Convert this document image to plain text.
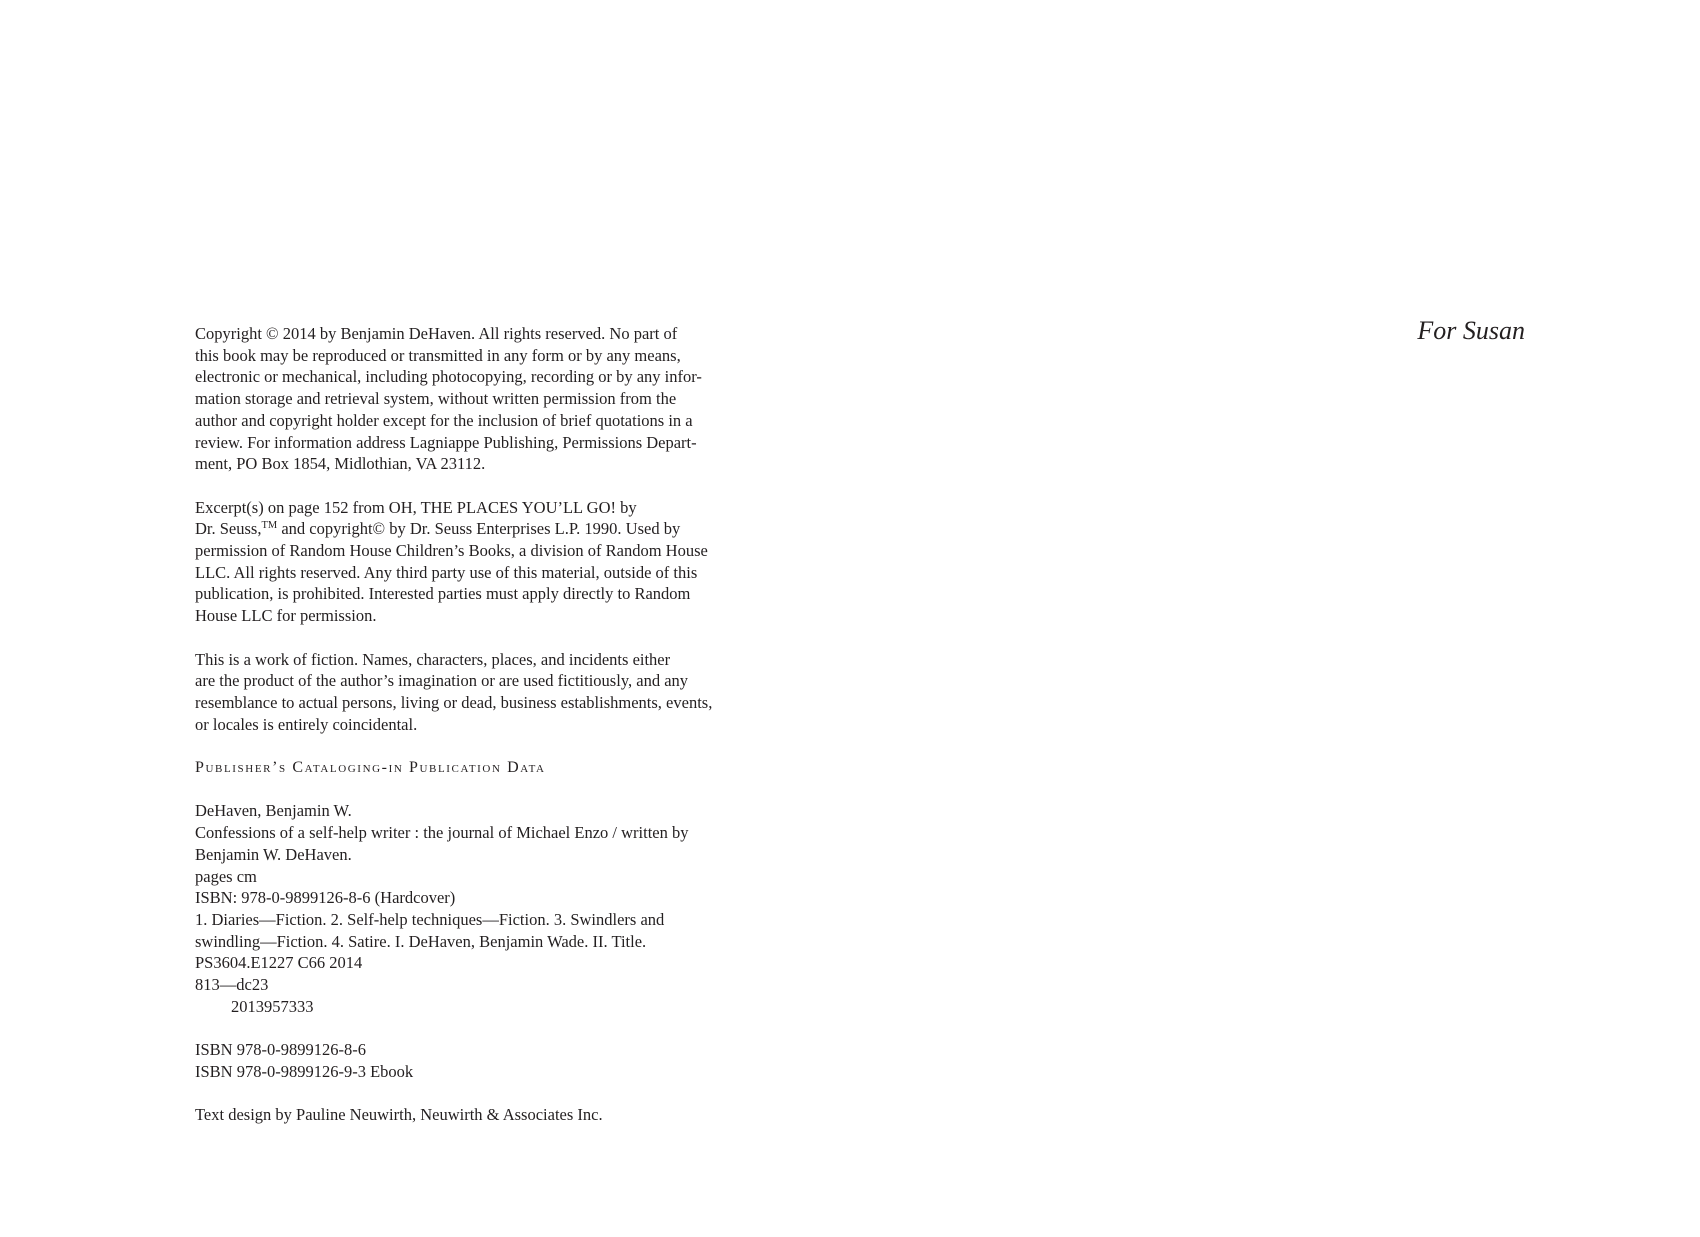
Copyright © 2014 by Benjamin DeHaven. All rights reserved. No part of
this book may be reproduced or transmitted in any form or by any means,
electronic or mechanical, including photocopying, recording or by any infor-
mation storage and retrieval system, without written permission from the
author and copyright holder except for the inclusion of brief quotations in a
review. For information address Lagniappe Publishing, Permissions Depart-
ment, PO Box 1854, Midlothian, VA 23112.
Excerpt(s) on page 152 from OH, THE PLACES YOU’LL GO! by
Dr. Seuss,™ and copyright© by Dr. Seuss Enterprises L.P. 1990. Used by
permission of Random House Children’s Books, a division of Random House
LLC. All rights reserved. Any third party use of this material, outside of this
publication, is prohibited. Interested parties must apply directly to Random
House LLC for permission.
This is a work of fiction. Names, characters, places, and incidents either
are the product of the author’s imagination or are used fictitiously, and any
resemblance to actual persons, living or dead, business establishments, events,
or locales is entirely coincidental.
Publisher’s Cataloging-in Publication Data
DeHaven, Benjamin W.
Confessions of a self-help writer : the journal of Michael Enzo / written by
Benjamin W. DeHaven.
pages cm
ISBN: 978-0-9899126-8-6 (Hardcover)
1. Diaries—Fiction. 2. Self-help techniques—Fiction. 3. Swindlers and
swindling—Fiction. 4. Satire. I. DeHaven, Benjamin Wade. II. Title.
PS3604.E1227 C66 2014
813—dc23
2013957333
ISBN 978-0-9899126-8-6
ISBN 978-0-9899126-9-3 Ebook
Text design by Pauline Neuwirth, Neuwirth & Associates Inc.
For Susan
